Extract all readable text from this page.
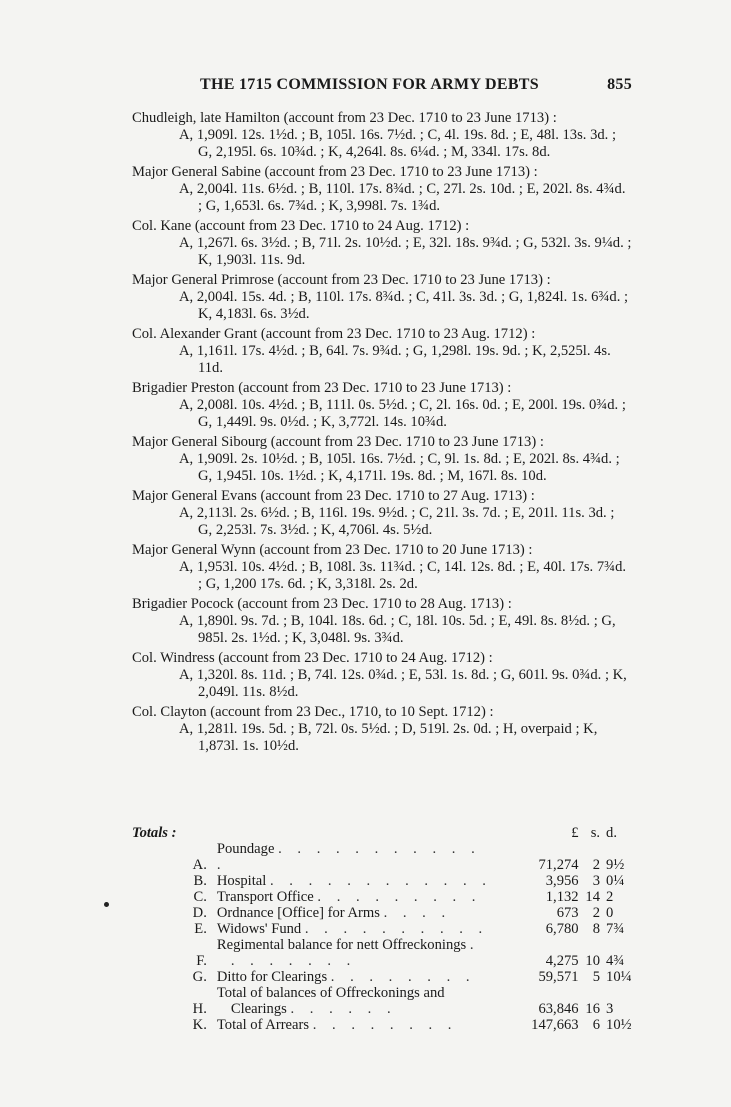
THE 1715 COMMISSION FOR ARMY DEBTS	855
Chudleigh, late Hamilton (account from 23 Dec. 1710 to 23 June 1713) :
A, 1,909l. 12s. 1½d. ; B, 105l. 16s. 7½d. ; C, 4l. 19s. 8d. ; E, 48l. 13s. 3d. ; G, 2,195l. 6s. 10¾d. ; K, 4,264l. 8s. 6¼d. ; M, 334l. 17s. 8d.
Major General Sabine (account from 23 Dec. 1710 to 23 June 1713) :
A, 2,004l. 11s. 6½d. ; B, 110l. 17s. 8¾d. ; C, 27l. 2s. 10d. ; E, 202l. 8s. 4¾d. ; G, 1,653l. 6s. 7¾d. ; K, 3,998l. 7s. 1¾d.
Col. Kane (account from 23 Dec. 1710 to 24 Aug. 1712) :
A, 1,267l. 6s. 3½d. ; B, 71l. 2s. 10½d. ; E, 32l. 18s. 9¾d. ; G, 532l. 3s. 9¼d. ; K, 1,903l. 11s. 9d.
Major General Primrose (account from 23 Dec. 1710 to 23 June 1713) :
A, 2,004l. 15s. 4d. ; B, 110l. 17s. 8¾d. ; C, 41l. 3s. 3d. ; G, 1,824l. 1s. 6¾d. ; K, 4,183l. 6s. 3½d.
Col. Alexander Grant (account from 23 Dec. 1710 to 23 Aug. 1712) :
A, 1,161l. 17s. 4½d. ; B, 64l. 7s. 9¾d. ; G, 1,298l. 19s. 9d. ; K, 2,525l. 4s. 11d.
Brigadier Preston (account from 23 Dec. 1710 to 23 June 1713) :
A, 2,008l. 10s. 4½d. ; B, 111l. 0s. 5½d. ; C, 2l. 16s. 0d. ; E, 200l. 19s. 0¾d. ; G, 1,449l. 9s. 0½d. ; K, 3,772l. 14s. 10¾d.
Major General Sibourg (account from 23 Dec. 1710 to 23 June 1713) :
A, 1,909l. 2s. 10½d. ; B, 105l. 16s. 7½d. ; C, 9l. 1s. 8d. ; E, 202l. 8s. 4¾d. ; G, 1,945l. 10s. 1½d. ; K, 4,171l. 19s. 8d. ; M, 167l. 8s. 10d.
Major General Evans (account from 23 Dec. 1710 to 27 Aug. 1713) :
A, 2,113l. 2s. 6½d. ; B, 116l. 19s. 9½d. ; C, 21l. 3s. 7d. ; E, 201l. 11s. 3d. ; G, 2,253l. 7s. 3½d. ; K, 4,706l. 4s. 5½d.
Major General Wynn (account from 23 Dec. 1710 to 20 June 1713) :
A, 1,953l. 10s. 4½d. ; B, 108l. 3s. 11¾d. ; C, 14l. 12s. 8d. ; E, 40l. 17s. 7¾d. ; G, 1,200 17s. 6d. ; K, 3,318l. 2s. 2d.
Brigadier Pocock (account from 23 Dec. 1710 to 28 Aug. 1713) :
A, 1,890l. 9s. 7d. ; B, 104l. 18s. 6d. ; C, 18l. 10s. 5d. ; E, 49l. 8s. 8½d. ; G, 985l. 2s. 1½d. ; K, 3,048l. 9s. 3¾d.
Col. Windress (account from 23 Dec. 1710 to 24 Aug. 1712) :
A, 1,320l. 8s. 11d. ; B, 74l. 12s. 0¾d. ; E, 53l. 1s. 8d. ; G, 601l. 9s. 0¾d. ; K, 2,049l. 11s. 8½d.
Col. Clayton (account from 23 Dec., 1710, to 10 Sept. 1712) :
A, 1,281l. 19s. 5d. ; B, 72l. 0s. 5½d. ; D, 519l. 2s. 0d. ; H, overpaid ; K, 1,873l. 1s. 10½d.
Totals :		£	s.	d.
A.	Poundage . . . . . . . . . . . .	71,274	2	9½
B.	Hospital . . . . . . . . . . . .	3,956	3	0¼
C.	Transport Office . . . . . . . . .	1,132	14	2
D.	Ordnance [Office] for Arms . . . .	673	2	0
E.	Widows' Fund . . . . . . . . . .	6,780	8	7¾
F.	Regimental balance for nett Offreckonings . . . . . . . .	4,275	10	4¾
G.	Ditto for Clearings . . . . . . . .	59,571	5	10¼
H.	Total of balances of Offreckonings and Clearings . . . . . .	63,846	16	3
K.	Total of Arrears . . . . . . . .	147,663	6	10½
